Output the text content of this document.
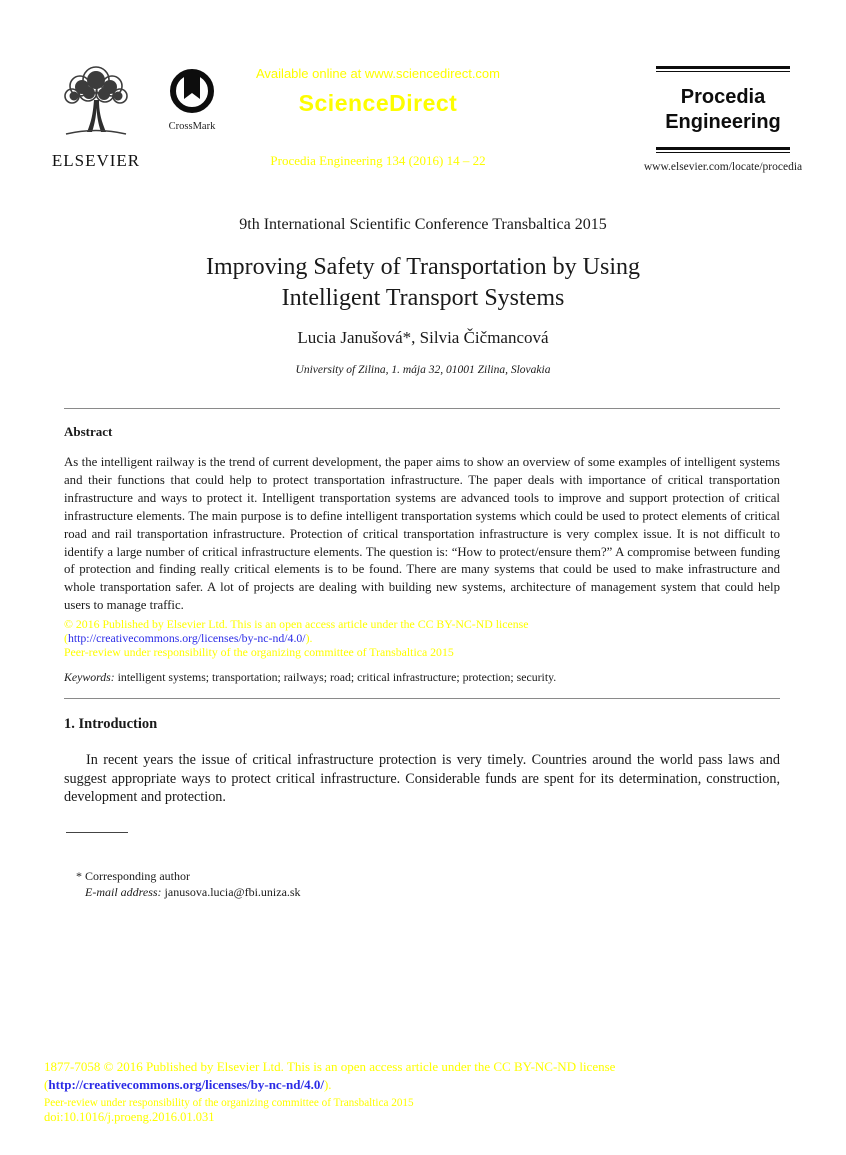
ELSEVIER
CrossMark
Available online at www.sciencedirect.com
ScienceDirect
Procedia Engineering 134 (2016) 14 – 22
Procedia
Engineering
www.elsevier.com/locate/procedia
9th International Scientific Conference Transbaltica 2015
Improving Safety of Transportation by Using
Intelligent Transport Systems
Lucia Janušová*, Silvia Čičmancová
University of Zilina, 1. mája 32, 01001 Zilina, Slovakia
Abstract
As the intelligent railway is the trend of current development, the paper aims to show an overview of some examples of intelligent systems and their functions that could help to protect transportation infrastructure. The paper deals with importance of critical transportation infrastructure and ways to protect it. Intelligent transportation systems are advanced tools to improve and support protection of critical infrastructure elements. The main purpose is to define intelligent transportation systems which could be used to protect elements of critical road and rail transportation infrastructure. Protection of critical transportation infrastructure is very complex issue. It is not difficult to identify a large number of critical infrastructure elements. The question is: “How to protect/ensure them?” A compromise between funding of protection and finding really critical elements is to be found. There are many systems that could be used to make infrastructure and whole transportation safer. A lot of projects are dealing with building new systems, architecture of management system that could help users to manage traffic.
© 2016 Published by Elsevier Ltd. This is an open access article under the CC BY-NC-ND license
(http://creativecommons.org/licenses/by-nc-nd/4.0/).
Peer-review under responsibility of the organizing committee of Transbaltica 2015
Keywords: intelligent systems; transportation; railways; road; critical infrastructure; protection; security.
1. Introduction
In recent years the issue of critical infrastructure protection is very timely. Countries around the world pass laws and suggest appropriate ways to protect critical infrastructure. Considerable funds are spent for its determination, construction, development and protection.
* Corresponding author
E-mail address: janusova.lucia@fbi.uniza.sk
1877-7058 © 2016 Published by Elsevier Ltd. This is an open access article under the CC BY-NC-ND license
(http://creativecommons.org/licenses/by-nc-nd/4.0/).
Peer-review under responsibility of the organizing committee of Transbaltica 2015
doi:10.1016/j.proeng.2016.01.031
